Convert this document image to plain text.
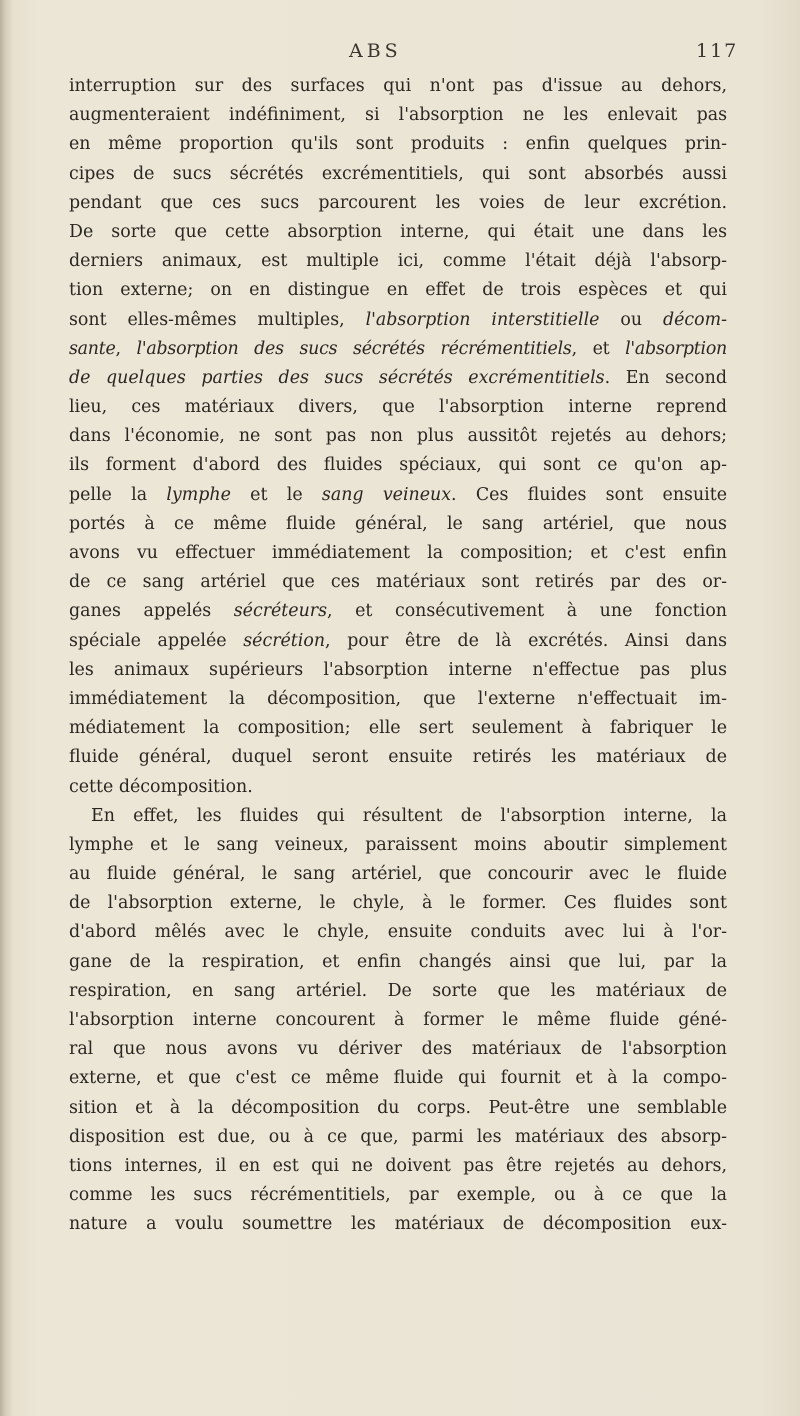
ABS	117
interruption sur des surfaces qui n'ont pas d'issue au dehors,
augmenteraient indéfiniment, si l'absorption ne les enlevait pas
en même proportion qu'ils sont produits : enfin quelques prin-
cipes de sucs sécrétés excrémentitiels, qui sont absorbés aussi
pendant que ces sucs parcourent les voies de leur excrétion.
De sorte que cette absorption interne, qui était une dans les
derniers animaux, est multiple ici, comme l'était déjà l'absorp-
tion externe; on en distingue en effet de trois espèces et qui
sont elles-mêmes multiples, l'absorption interstitielle ou décom-
sante, l'absorption des sucs sécrétés récrémentitiels, et l'absorption
de quelques parties des sucs sécrétés excrémentitiels. En second
lieu, ces matériaux divers, que l'absorption interne reprend
dans l'économie, ne sont pas non plus aussitôt rejetés au dehors;
ils forment d'abord des fluides spéciaux, qui sont ce qu'on ap-
pelle la lymphe et le sang veineux. Ces fluides sont ensuite
portés à ce même fluide général, le sang artériel, que nous
avons vu effectuer immédiatement la composition; et c'est enfin
de ce sang artériel que ces matériaux sont retirés par des or-
ganes appelés sécréteurs, et consécutivement à une fonction
spéciale appelée sécrétion, pour être de là excrétés. Ainsi dans
les animaux supérieurs l'absorption interne n'effectue pas plus
immédiatement la décomposition, que l'externe n'effectuait im-
médiatement la composition; elle sert seulement à fabriquer le
fluide général, duquel seront ensuite retirés les matériaux de
cette décomposition.
En effet, les fluides qui résultent de l'absorption interne, la
lymphe et le sang veineux, paraissent moins aboutir simplement
au fluide général, le sang artériel, que concourir avec le fluide
de l'absorption externe, le chyle, à le former. Ces fluides sont
d'abord mêlés avec le chyle, ensuite conduits avec lui à l'or-
gane de la respiration, et enfin changés ainsi que lui, par la
respiration, en sang artériel. De sorte que les matériaux de
l'absorption interne concourent à former le même fluide géné-
ral que nous avons vu dériver des matériaux de l'absorption
externe, et que c'est ce même fluide qui fournit et à la compo-
sition et à la décomposition du corps. Peut-être une semblable
disposition est due, ou à ce que, parmi les matériaux des absorp-
tions internes, il en est qui ne doivent pas être rejetés au dehors,
comme les sucs récrémentitiels, par exemple, ou à ce que la
nature a voulu soumettre les matériaux de décomposition eux-
